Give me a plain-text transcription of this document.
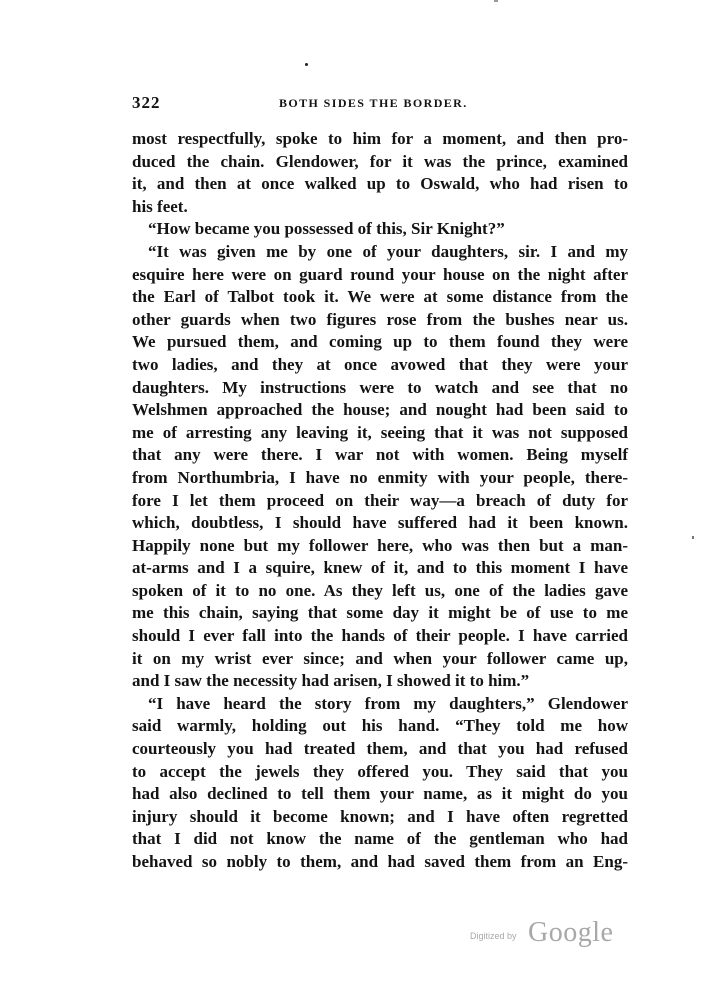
322	BOTH SIDES THE BORDER.
most respectfully, spoke to him for a moment, and then pro-
duced the chain. Glendower, for it was the prince, examined
it, and then at once walked up to Oswald, who had risen to
his feet.
“How became you possessed of this, Sir Knight?”
“It was given me by one of your daughters, sir. I and my
esquire here were on guard round your house on the night after
the Earl of Talbot took it. We were at some distance from the
other guards when two figures rose from the bushes near us.
We pursued them, and coming up to them found they were
two ladies, and they at once avowed that they were your
daughters. My instructions were to watch and see that no
Welshmen approached the house; and nought had been said to
me of arresting any leaving it, seeing that it was not supposed
that any were there. I war not with women. Being myself
from Northumbria, I have no enmity with your people, there-
fore I let them proceed on their way—a breach of duty for
which, doubtless, I should have suffered had it been known.
Happily none but my follower here, who was then but a man-
at-arms and I a squire, knew of it, and to this moment I have
spoken of it to no one. As they left us, one of the ladies gave
me this chain, saying that some day it might be of use to me
should I ever fall into the hands of their people. I have carried
it on my wrist ever since; and when your follower came up,
and I saw the necessity had arisen, I showed it to him.”
“I have heard the story from my daughters,” Glendower
said warmly, holding out his hand. “They told me how
courteously you had treated them, and that you had refused
to accept the jewels they offered you. They said that you
had also declined to tell them your name, as it might do you
injury should it become known; and I have often regretted
that I did not know the name of the gentleman who had
behaved so nobly to them, and had saved them from an Eng-
Digitized by Google
